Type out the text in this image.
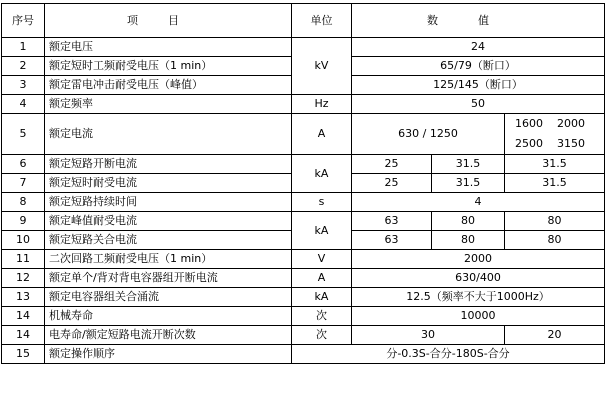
序号	项目	单位	数值		
1	额定电压	kV	24		
2	额定短时工频耐受电压（1 min）		65/79（断口）		
3	额定雷电冲击耐受电压（峰值）		125/145（断口）		
4	额定频率	Hz	50		
5	额定电流	A	630 / 1250		1600 2000
2500 3150

6	额定短路开断电流	kA	25	31.5	31.5
7	额定短时耐受电流		25	31.5	31.5
8	额定短路持续时间	s	4		
9	额定峰值耐受电流	kA	63	80	80
10	额定短路关合电流		63	80	80
11	二次回路工频耐受电压（1 min）	V	2000		
12	额定单个/背对背电容器组开断电流	A	630/400		
13	额定电容器组关合涌流	kA	12.5（频率不大于1000Hz）		
14	机械寿命	次	10000		
14	电寿命/额定短路电流开断次数	次	30		20
15	额定操作顺序	分-0.3S-合分-180S-合分			
